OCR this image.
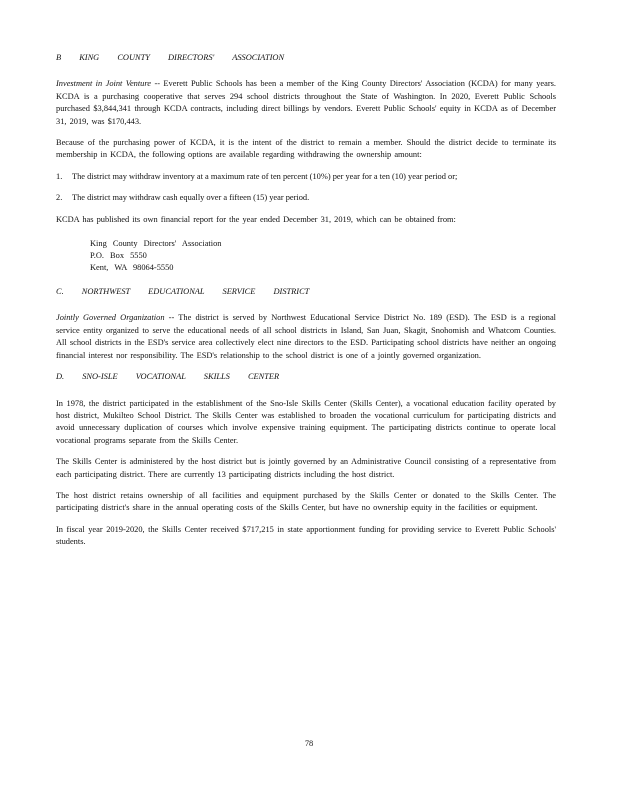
B KING COUNTY DIRECTORS' ASSOCIATION
Investment in Joint Venture -- Everett Public Schools has been a member of the King County Directors' Association (KCDA) for many years. KCDA is a purchasing cooperative that serves 294 school districts throughout the State of Washington. In 2020, Everett Public Schools purchased $3,844,341 through KCDA contracts, including direct billings by vendors. Everett Public Schools' equity in KCDA as of December 31, 2019, was $170,443.
Because of the purchasing power of KCDA, it is the intent of the district to remain a member. Should the district decide to terminate its membership in KCDA, the following options are available regarding withdrawing the ownership amount:
1.	The district may withdraw inventory at a maximum rate of ten percent (10%) per year for a ten (10) year period or;
2.	The district may withdraw cash equally over a fifteen (15) year period.
KCDA has published its own financial report for the year ended December 31, 2019, which can be obtained from:
King County Directors' Association
P.O. Box 5550
Kent, WA 98064-5550
C. NORTHWEST EDUCATIONAL SERVICE DISTRICT
Jointly Governed Organization -- The district is served by Northwest Educational Service District No. 189 (ESD). The ESD is a regional service entity organized to serve the educational needs of all school districts in Island, San Juan, Skagit, Snohomish and Whatcom Counties. All school districts in the ESD's service area collectively elect nine directors to the ESD. Participating school districts have neither an ongoing financial interest nor responsibility. The ESD's relationship to the school district is one of a jointly governed organization.
D. SNO-ISLE VOCATIONAL SKILLS CENTER
In 1978, the district participated in the establishment of the Sno-Isle Skills Center (Skills Center), a vocational education facility operated by host district, Mukilteo School District. The Skills Center was established to broaden the vocational curriculum for participating districts and avoid unnecessary duplication of courses which involve expensive training equipment. The participating districts continue to operate local vocational programs separate from the Skills Center.
The Skills Center is administered by the host district but is jointly governed by an Administrative Council consisting of a representative from each participating district. There are currently 13 participating districts including the host district.
The host district retains ownership of all facilities and equipment purchased by the Skills Center or donated to the Skills Center. The participating district's share in the annual operating costs of the Skills Center, but have no ownership equity in the facilities or equipment.
In fiscal year 2019-2020, the Skills Center received $717,215 in state apportionment funding for providing service to Everett Public Schools' students.
78
